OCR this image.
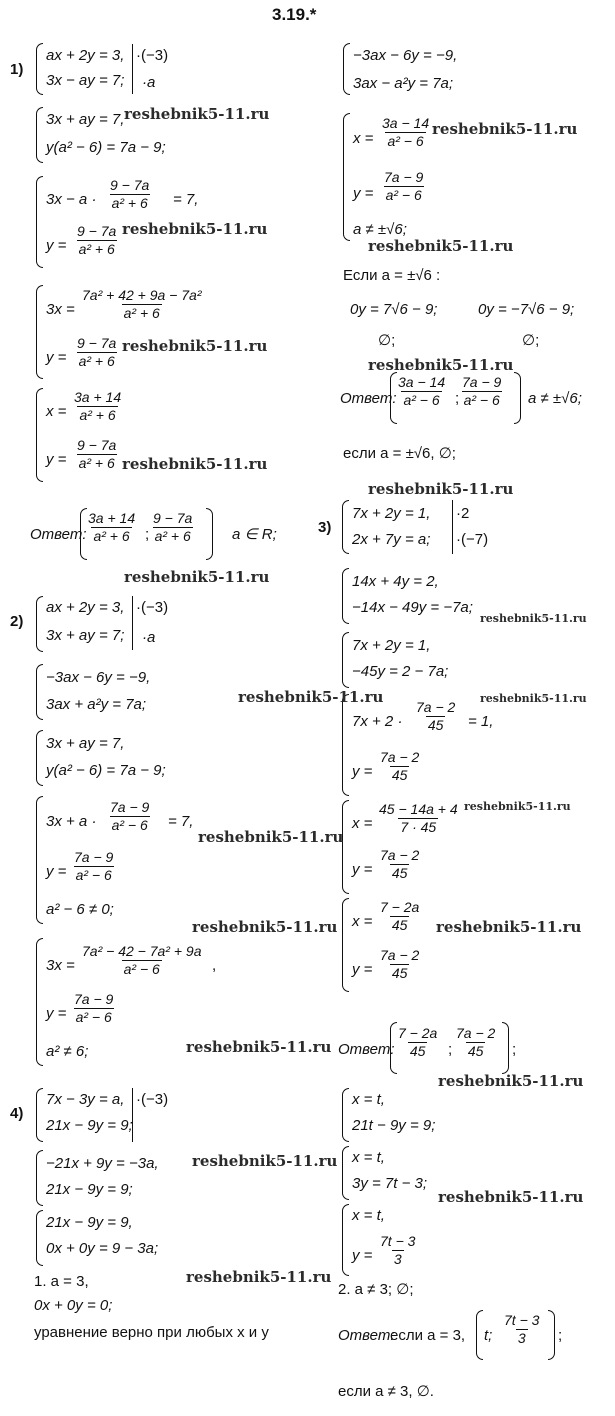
3.19.*
1)
ax + 2y = 3,
3x − ay = 7;
·(−3)
·a
3x + ay = 7,
y(a² − 6) = 7a − 9;
$3x - a \cdot \frac{9 - 7a}{\text{a² + 6}} = 7$,
$y = \frac{9 - 7a}{\text{a² + 6}}$
$3x = \frac{\text{7a² + 42 + 9a − 7a²}}{\text{a² + 6}}$
$y = \frac{9 - 7a}{\text{a² + 6}}$
$x = \frac{3a + 14}{\text{a² + 6}}$
$y = \frac{9 - 7a}{\text{a² + 6}}$
Ответ: $\frac{3a + 14}{\text{a² + 6}}$ ; $\frac{9 - 7a}{\text{a² + 6}}$	a ∈ R;
−3ax − 6y = −9,
3ax − a²y = 7a;
$x = \frac{3a - 14}{\text{a² − 6}}$
$y = \frac{7a - 9}{\text{a² − 6}}$
a ≠ ±√6;
Если a = ±√6 :
0y = 7√6 − 9;	0y = −7√6 − 9;
∅;	∅;
Ответ: $\frac{3a - 14}{\text{a² − 6}}$ ; $\frac{7a - 9}{\text{a² − 6}}$ a ≠ ±√6;
если a = ±√6, ∅;
3)
7x + 2y = 1,
2x + 7y = a;
·2
·(−7)
14x + 4y = 2,
−14x − 49y = −7a;
7x + 2y = 1,
−45y = 2 − 7a;
$7x + 2 \cdot \frac{7a - 2}{45} = 1$,
$y = \frac{7a - 2}{45}$
$x = \frac{45 - 14a + 4}{7 \cdot 45}$
$y = \frac{7a - 2}{45}$
$x = \frac{7 - 2a}{45}$
$y = \frac{7a - 2}{45}$
Ответ: $\frac{7 - 2a}{45}$ ; $\frac{7a - 2}{45}$ ;
2)
ax + 2y = 3,
3x + ay = 7;
·(−3)
·a
−3ax − 6y = −9,
3ax + a²y = 7a;
3x + ay = 7,
y(a² − 6) = 7a − 9;
$3x + a \cdot \frac{7a - 9}{\text{a² − 6}} = 7$,
$y = \frac{7a - 9}{\text{a² − 6}}$
a² − 6 ≠ 0;
$3x = \frac{\text{7a² − 42 − 7a² + 9a}}{\text{a² − 6}}$ ,
$y = \frac{7a - 9}{\text{a² − 6}}$
a² ≠ 6;
4)
7x − 3y = a,
21x − 9y = 9;
·(−3)
−21x + 9y = −3a,
21x − 9y = 9;
21x − 9y = 9,
0x + 0y = 9 − 3a;
1. a = 3,
0x + 0y = 0;
уравнение верно при любых x и y
x = t,
21t − 9y = 9;
x = t,
3y = 7t − 3;
x = t,
$y = \frac{7t - 3}{3}$
2. a ≠ 3; ∅;
Ответ:
если a = 3, t; $\frac{7t - 3}{3}$ ;
если a ≠ 3, ∅.
reshebnik5-11.ru
reshebnik5-11.ru
reshebnik5-11.ru
reshebnik5-11.ru
reshebnik5-11.ru
reshebnik5-11.ru
reshebnik5-11.ru
reshebnik5-11.ru
reshebnik5-11.ru
reshebnik5-11.ru
reshebnik5-11.ru	reshebnik5-11.ru
reshebnik5-11.ru
reshebnik5-11.ru
reshebnik5-11.ru	reshebnik5-11.ru
reshebnik5-11.ru
reshebnik5-11.ru
reshebnik5-11.ru
reshebnik5-11.ru
reshebnik5-11.ru
